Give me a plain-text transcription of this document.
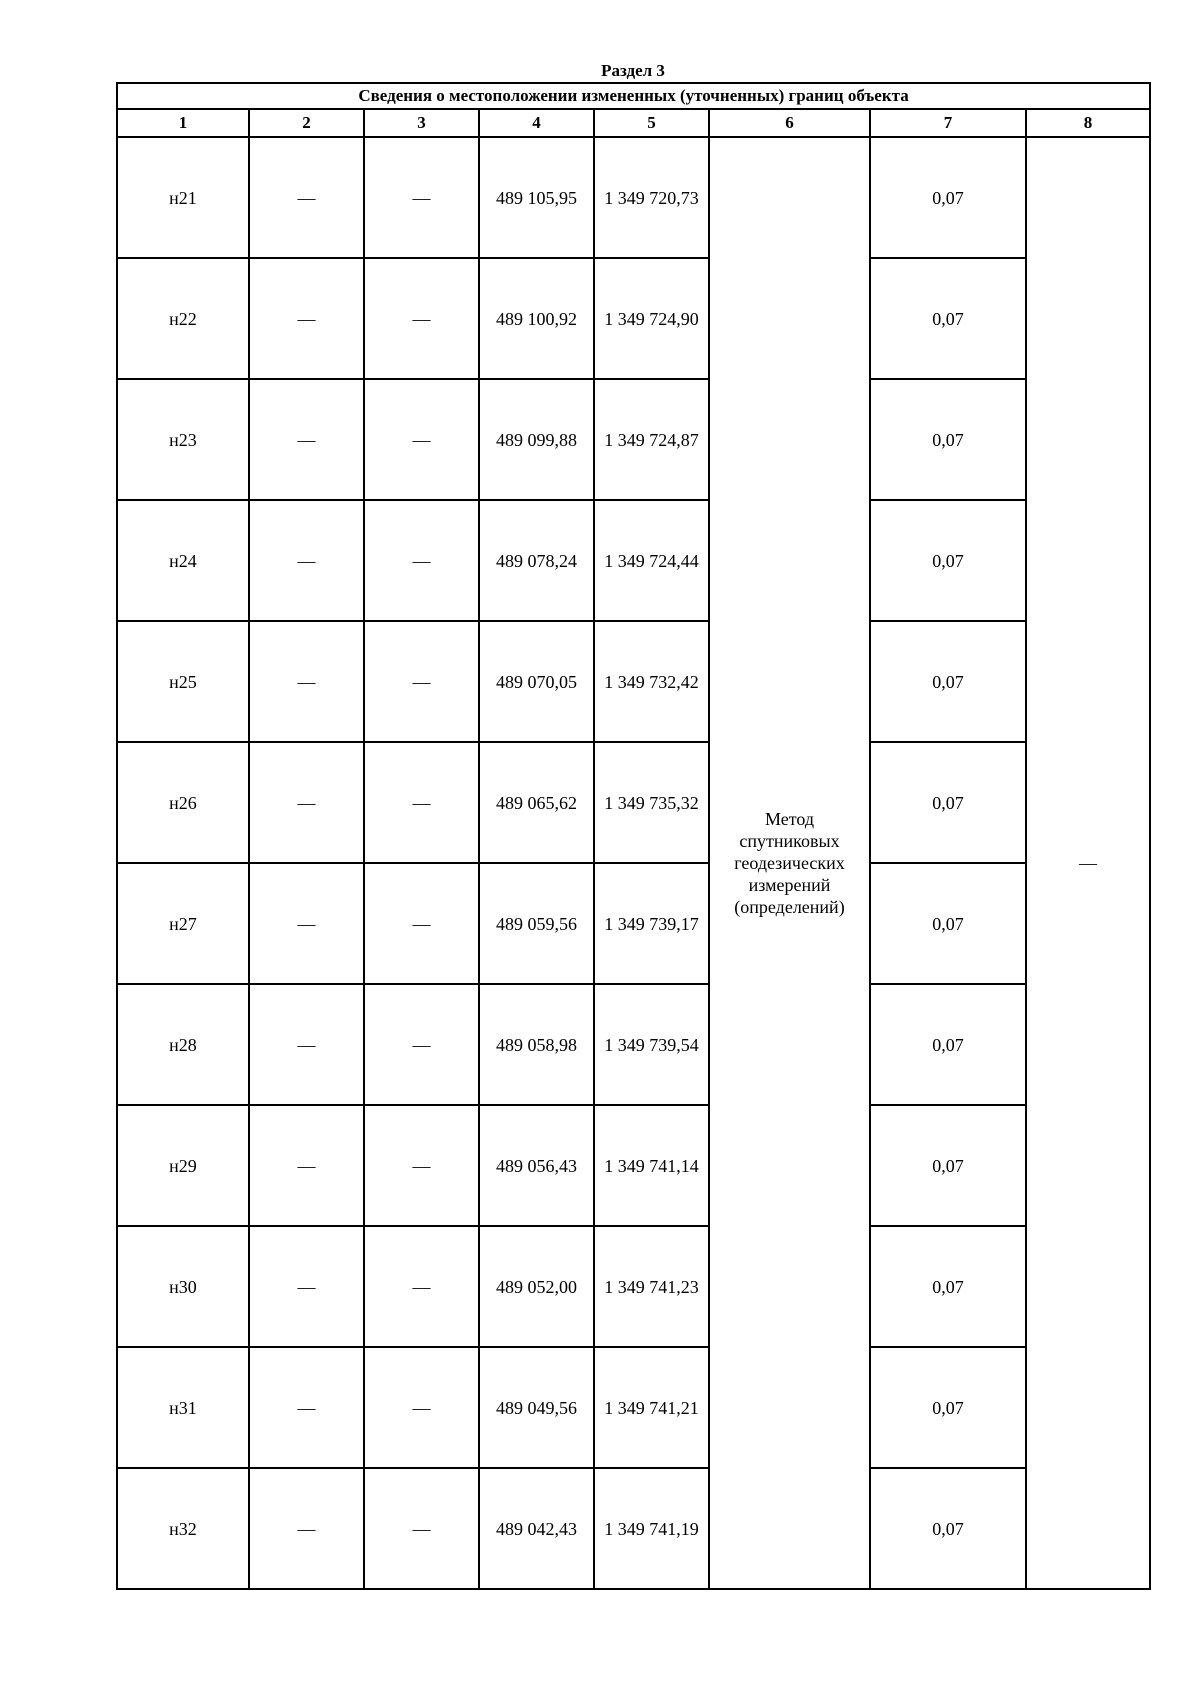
Раздел 3
Сведения о местоположении измененных (уточненных) границ объекта							
1	2	3	4	5	6	7	8
н21	—	—	489 105,95	1 349 720,73	Метод
спутниковых
геодезических
измерений
(определений)	0,07	—
н22	—	—	489 100,92	1 349 724,90		0,07	
н23	—	—	489 099,88	1 349 724,87		0,07	
н24	—	—	489 078,24	1 349 724,44		0,07	
н25	—	—	489 070,05	1 349 732,42		0,07	
н26	—	—	489 065,62	1 349 735,32		0,07	
н27	—	—	489 059,56	1 349 739,17		0,07	
н28	—	—	489 058,98	1 349 739,54		0,07	
н29	—	—	489 056,43	1 349 741,14		0,07	
н30	—	—	489 052,00	1 349 741,23		0,07	
н31	—	—	489 049,56	1 349 741,21		0,07	
н32	—	—	489 042,43	1 349 741,19		0,07	
